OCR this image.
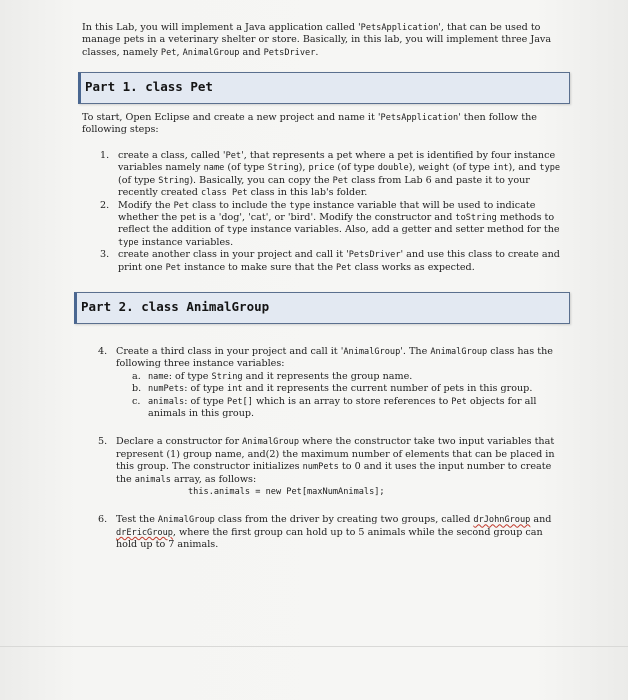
In this Lab, you will implement a Java application called 'PetsApplication', that can be used to manage pets in a veterinary shelter or store. Basically, in this lab, you will implement three Java classes, namely Pet, AnimalGroup and PetsDriver.
Part 1. class Pet
To start, Open Eclipse and create a new project and name it 'PetsApplication' then follow the following steps:
1. create a class, called 'Pet', that represents a pet where a pet is identified by four instance variables namely name (of type String), price (of type double), weight (of type int), and type (of type String). Basically, you can copy the Pet class from Lab 6 and paste it to your recently created class Pet class in this lab's folder.
2. Modify the Pet class to include the type instance variable that will be used to indicate whether the pet is a 'dog', 'cat', or 'bird'. Modify the constructor and toString methods to reflect the addition of type instance variables. Also, add a getter and setter method for the type instance variables.
3. create another class in your project and call it 'PetsDriver' and use this class to create and print one Pet instance to make sure that the Pet class works as expected.
Part 2. class AnimalGroup
4. Create a third class in your project and call it 'AnimalGroup'. The AnimalGroup class has the following three instance variables:
a. name: of type String and it represents the group name.
b. numPets: of type int and it represents the current number of pets in this group.
c. animals: of type Pet[] which is an array to store references to Pet objects for all animals in this group.
5. Declare a constructor for AnimalGroup where the constructor take two input variables that represent (1) group name, and(2) the maximum number of elements that can be placed in this group. The constructor initializes numPets to 0 and it uses the input number to create the animals array, as follows:
this.animals = new Pet[maxNumAnimals];
6. Test the AnimalGroup class from the driver by creating two groups, called drJohnGroup and drEricGroup, where the first group can hold up to 5 animals while the second group can hold up to 7 animals.
